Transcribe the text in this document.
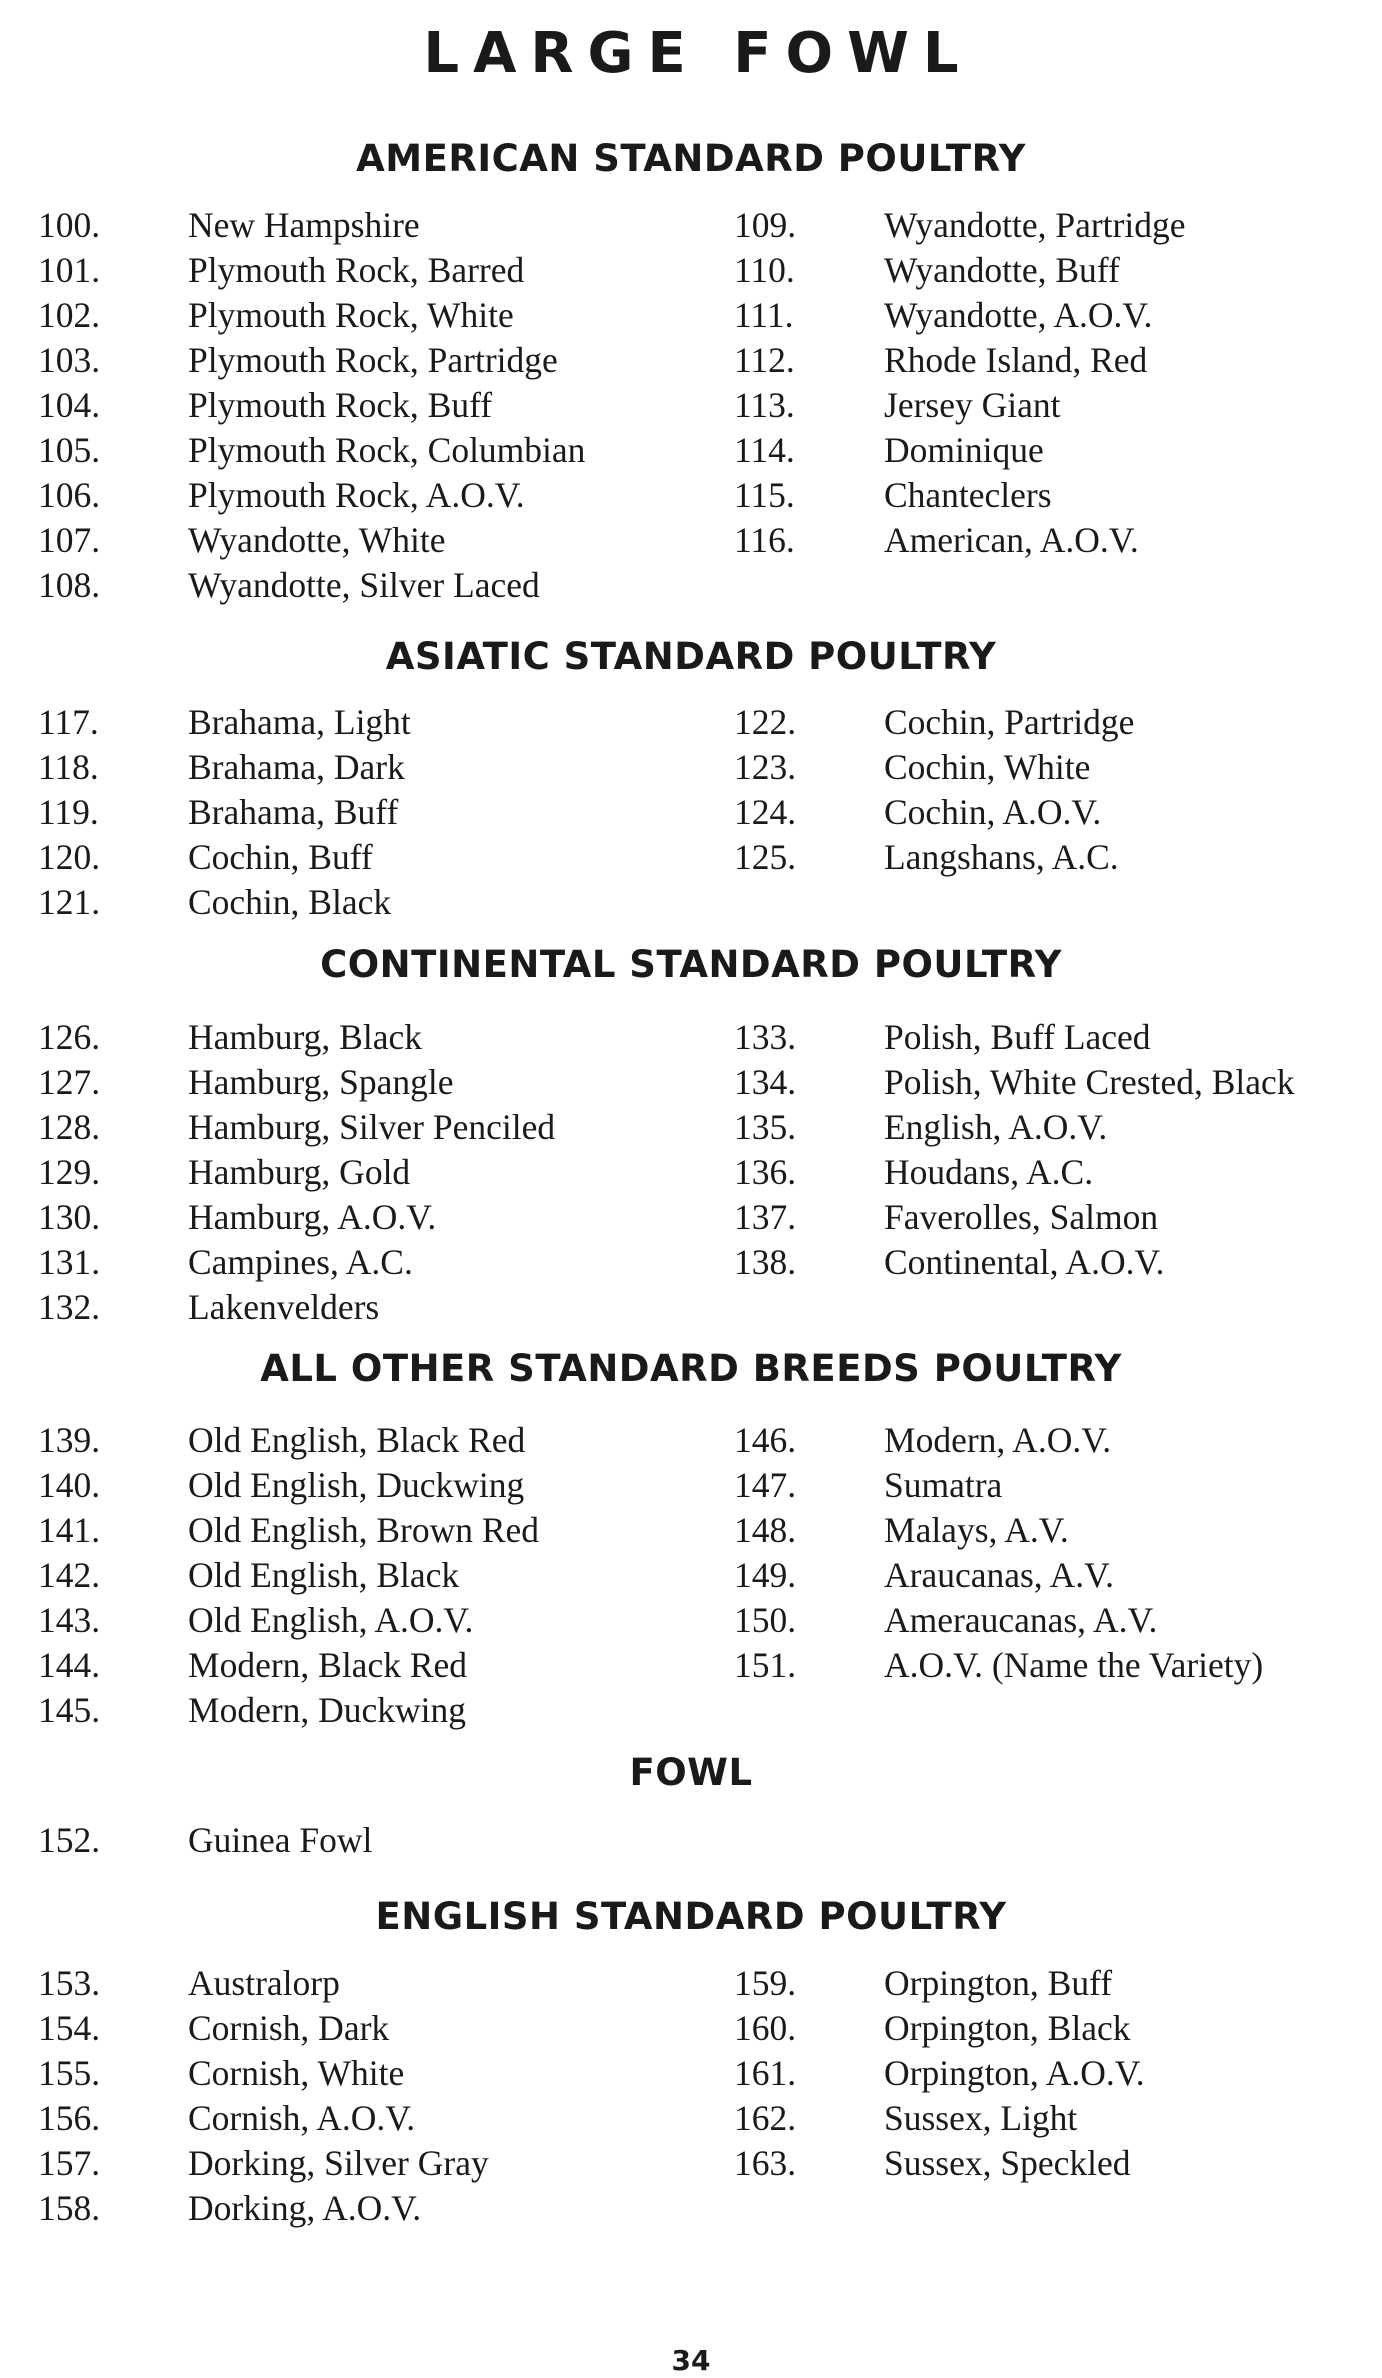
LARGE FOWL
AMERICAN STANDARD POULTRY
100. New Hampshire
101. Plymouth Rock, Barred
102. Plymouth Rock, White
103. Plymouth Rock, Partridge
104. Plymouth Rock, Buff
105. Plymouth Rock, Columbian
106. Plymouth Rock, A.O.V.
107. Wyandotte, White
108. Wyandotte, Silver Laced
109. Wyandotte, Partridge
110.	Wyandotte, Buff
111.	Wyandotte, A.O.V.
112.	Rhode Island, Red
113.	Jersey Giant
114.	Dominique
115.	Chanteclers
116.	American, A.O.V.
ASIATIC STANDARD POULTRY
117.	Brahama, Light
118.	Brahama, Dark
119.	Brahama, Buff
120. Cochin, Buff
121. Cochin, Black
122. Cochin, Partridge
123. Cochin, White
124. Cochin, A.O.V.
125. Langshans, A.C.
CONTINENTAL STANDARD POULTRY
126. Hamburg, Black
127. Hamburg, Spangle
128. Hamburg, Silver Penciled
129. Hamburg, Gold
130. Hamburg, A.O.V.
131. Campines, A.C.
132. Lakenvelders
133. Polish, Buff Laced
134. Polish, White Crested, Black
135. English, A.O.V.
136. Houdans, A.C.
137. Faverolles, Salmon
138. Continental, A.O.V.
ALL OTHER STANDARD BREEDS POULTRY
139. Old English, Black Red
140. Old English, Duckwing
141. Old English, Brown Red
142. Old English, Black
143. Old English, A.O.V.
144. Modern, Black Red
145. Modern, Duckwing
146. Modern, A.O.V.
147. Sumatra
148. Malays, A.V.
149. Araucanas, A.V.
150. Ameraucanas, A.V.
151. A.O.V. (Name the Variety)
FOWL
152. Guinea Fowl
ENGLISH STANDARD POULTRY
153. Australorp
154. Cornish, Dark
155. Cornish, White
156. Cornish, A.O.V.
157. Dorking, Silver Gray
158. Dorking, A.O.V.
159. Orpington, Buff
160. Orpington, Black
161. Orpington, A.O.V.
162. Sussex, Light
163. Sussex, Speckled
34
